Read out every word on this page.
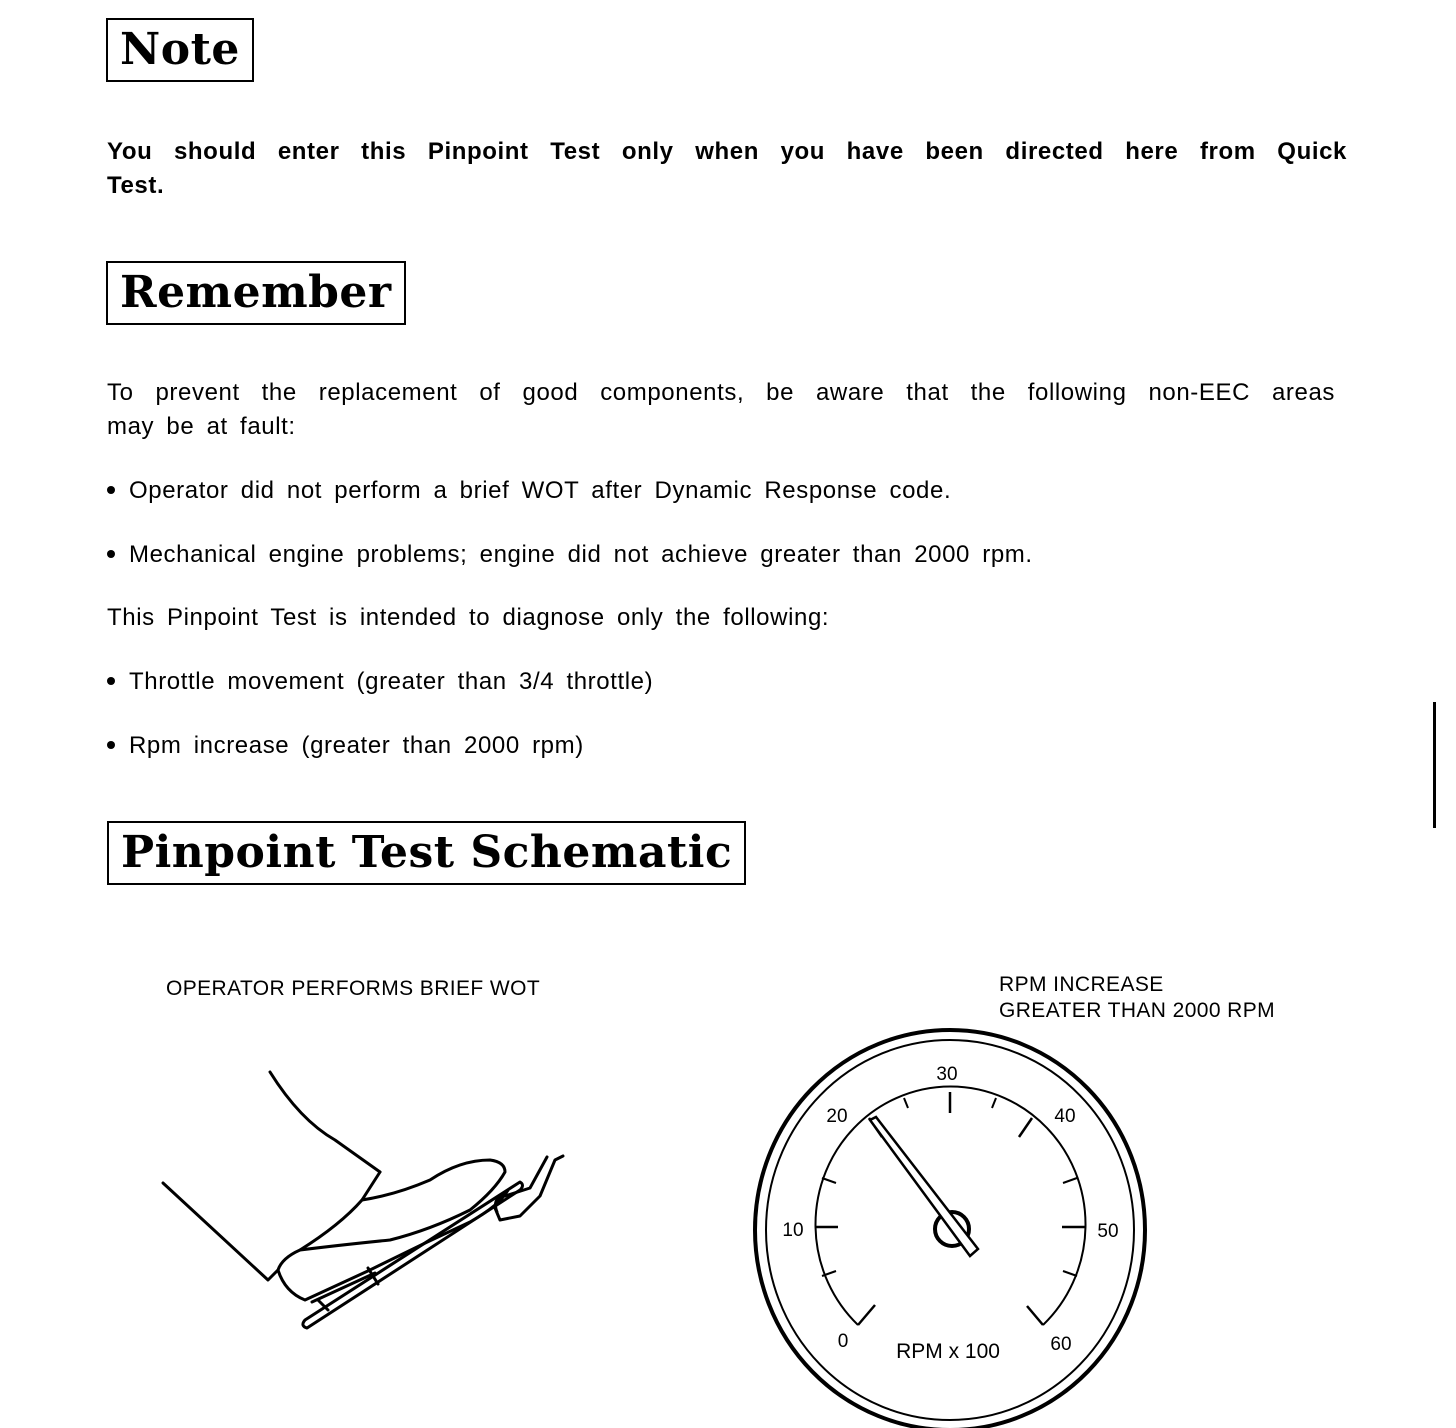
Note
You should enter this Pinpoint Test only when you have been directed here from Quick
Test.
Remember
To prevent the replacement of good components, be aware that the following non-EEC areas
may be at fault:
Operator did not perform a brief WOT after Dynamic Response code.
Mechanical engine problems; engine did not achieve greater than 2000 rpm.
This Pinpoint Test is intended to diagnose only the following:
Throttle movement (greater than 3/4 throttle)
Rpm increase (greater than 2000 rpm)
Pinpoint Test Schematic
OPERATOR PERFORMS BRIEF WOT	RPM INCREASE
GREATER THAN 2000 RPM
0
10
20
30
40
50
60
RPM x 100
